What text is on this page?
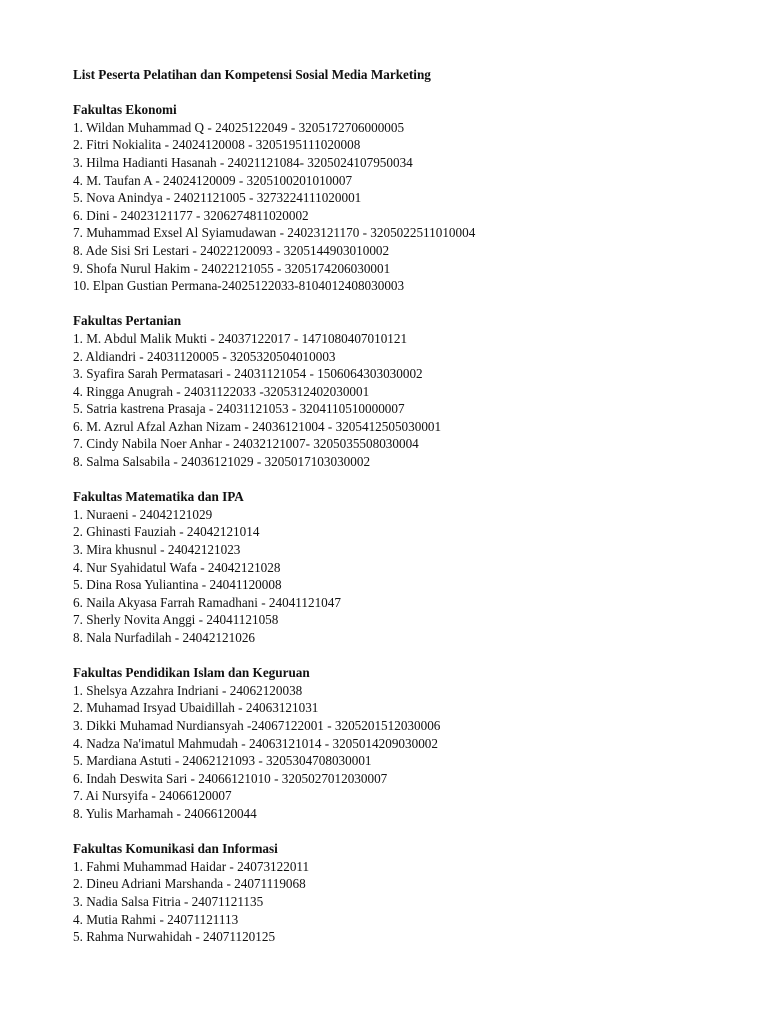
List Peserta Pelatihan dan Kompetensi Sosial Media Marketing
Fakultas Ekonomi
1. Wildan Muhammad Q - 24025122049 - 3205172706000005
2. Fitri Nokialita - 24024120008 - 3205195111020008
3. Hilma Hadianti Hasanah - 24021121084- 3205024107950034
4. M. Taufan A - 24024120009 - 3205100201010007
5. Nova Anindya - 24021121005 - 3273224111020001
6. Dini - 24023121177 - 3206274811020002
7. Muhammad Exsel Al Syiamudawan - 24023121170 - 3205022511010004
8. Ade Sisi Sri Lestari - 24022120093 - 3205144903010002
9. Shofa Nurul Hakim - 24022121055 - 3205174206030001
10. Elpan Gustian Permana-24025122033-8104012408030003
Fakultas Pertanian
1. M. Abdul Malik Mukti - 24037122017 - 1471080407010121
2. Aldiandri - 24031120005 - 3205320504010003
3. Syafira Sarah Permatasari - 24031121054 - 1506064303030002
4. Ringga Anugrah - 24031122033 -3205312402030001
5. Satria kastrena Prasaja - 24031121053 - 3204110510000007
6. M. Azrul Afzal Azhan Nizam - 24036121004 - 3205412505030001
7. Cindy Nabila Noer Anhar - 24032121007- 3205035508030004
8. Salma Salsabila - 24036121029 - 3205017103030002
Fakultas Matematika dan IPA
1. Nuraeni - 24042121029
2. Ghinasti Fauziah - 24042121014
3. Mira khusnul - 24042121023
4. Nur Syahidatul Wafa - 24042121028
5. Dina Rosa Yuliantina - 24041120008
6. Naila Akyasa Farrah Ramadhani - 24041121047
7. Sherly Novita Anggi - 24041121058
8. Nala Nurfadilah - 24042121026
Fakultas Pendidikan Islam dan Keguruan
1. Shelsya Azzahra Indriani - 24062120038
2. Muhamad Irsyad Ubaidillah - 24063121031
3. Dikki Muhamad Nurdiansyah -24067122001 - 3205201512030006
4. Nadza Na'imatul Mahmudah - 24063121014 - 3205014209030002
5. Mardiana Astuti - 24062121093 - 3205304708030001
6. Indah Deswita Sari - 24066121010 - 3205027012030007
7. Ai Nursyifa - 24066120007
8. Yulis Marhamah - 24066120044
Fakultas Komunikasi dan Informasi
1. Fahmi Muhammad Haidar - 24073122011
2. Dineu Adriani Marshanda - 24071119068
3. Nadia Salsa Fitria - 24071121135
4. Mutia Rahmi - 24071121113
5. Rahma Nurwahidah - 24071120125
